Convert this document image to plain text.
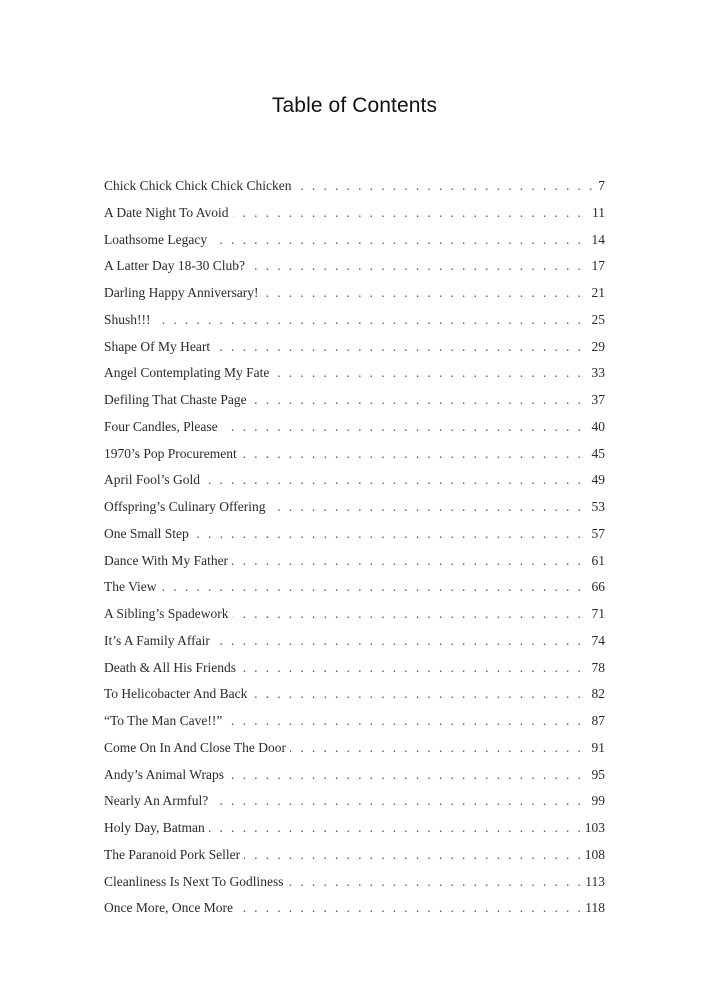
Table of Contents
Chick Chick Chick Chick Chicken	7
. . .
A Date Night To Avoid	11
. . .
Loathsome Legacy	14
. . .
A Latter Day 18-30 Club?	17
. . .
Darling Happy Anniversary!	21
. . .
Shush!!!	25
. . .
Shape Of My Heart	29
. . .
Angel Contemplating My Fate	33
. . .
Defiling That Chaste Page	37
. . .
Four Candles, Please	40
. . .
1970’s Pop Procurement	45
. . .
April Fool’s Gold	49
. . .
Offspring’s Culinary Offering	53
. . .
One Small Step	57
. . .
Dance With My Father	61
. . .
The View	66
. . .
A Sibling’s Spadework	71
. . .
It’s A Family Affair	74
. . .
Death & All His Friends	78
. . .
To Helicobacter And Back	82
. . .
“To The Man Cave!!”	87
. . .
Come On In And Close The Door	91
. . .
Andy’s Animal Wraps	95
. . .
Nearly An Armful?	99
. . .
Holy Day, Batman	103
. . .
The Paranoid Pork Seller	108
. . .
Cleanliness Is Next To Godliness	113
. . .
Once More, Once More	118
. . .
